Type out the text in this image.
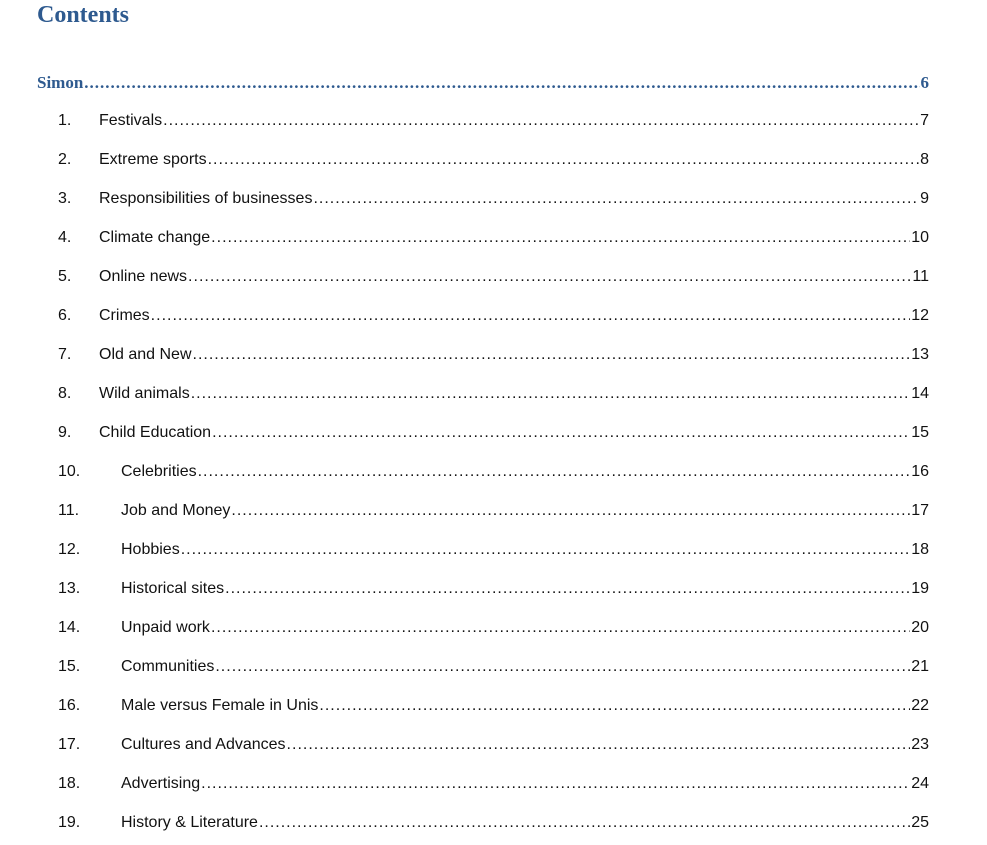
Contents
Simon .....	6
1.	Festivals .....	7
2.	Extreme sports .....	8
3.	Responsibilities of businesses .....	9
4.	Climate change .....	10
5.	Online news .....	11
6.	Crimes .....	12
7.	Old and New .....	13
8.	Wild animals .....	14
9.	Child Education .....	15
10.	Celebrities .....	16
11.	Job and Money .....	17
12.	Hobbies .....	18
13.	Historical sites .....	19
14.	Unpaid work .....	20
15.	Communities .....	21
16.	Male versus Female in Unis .....	22
17.	Cultures and Advances .....	23
18.	Advertising .....	24
19.	History & Literature .....	25
